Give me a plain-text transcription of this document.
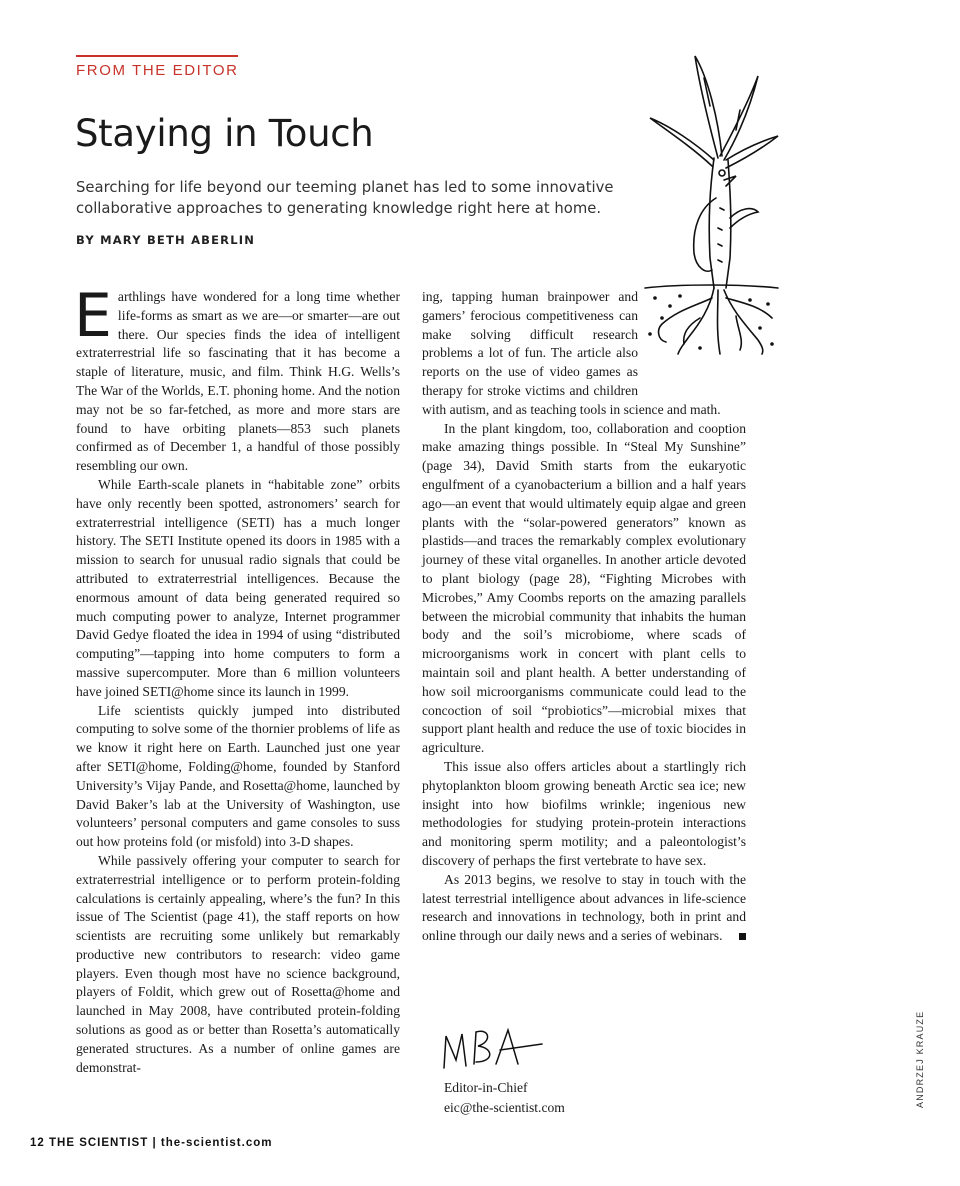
FROM THE EDITOR
Staying in Touch
Searching for life beyond our teeming planet has led to some innovative collaborative approaches to generating knowledge right here at home.
BY MARY BETH ABERLIN

Earthlings have wondered for a long time whether life-forms as smart as we are—or smarter—are out there. Our species finds the idea of intelligent extraterrestrial life so fascinating that it has become a staple of literature, music, and film. Think H.G. Wells’s The War of the Worlds, E.T. phoning home. And the notion may not be so far-fetched, as more and more stars are found to have orbiting planets—853 such planets confirmed as of December 1, a handful of those possibly resembling our own.

While Earth-scale planets in “habitable zone” orbits have only recently been spotted, astronomers’ search for extraterrestrial intelligence (SETI) has a much longer history. The SETI Institute opened its doors in 1985 with a mission to search for unusual radio signals that could be attributed to extraterrestrial intelligences. Because the enormous amount of data being generated required so much computing power to analyze, Internet programmer David Gedye floated the idea in 1994 of using “distributed computing”—tapping into home computers to form a massive supercomputer. More than 6 million volunteers have joined SETI@home since its launch in 1999.

Life scientists quickly jumped into distributed computing to solve some of the thornier problems of life as we know it right here on Earth. Launched just one year after SETI@home, Folding@home, founded by Stanford University’s Vijay Pande, and Rosetta@home, launched by David Baker’s lab at the University of Washington, use volunteers’ personal computers and game consoles to suss out how proteins fold (or misfold) into 3-D shapes.

While passively offering your computer to search for extraterrestrial intelligence or to perform protein-folding calculations is certainly appealing, where’s the fun? In this issue of The Scientist (page 41), the staff reports on how scientists are recruiting some unlikely but remarkably productive new contributors to research: video game players. Even though most have no science background, players of Foldit, which grew out of Rosetta@home and launched in May 2008, have contributed protein-folding solutions as good as or better than Rosetta’s automatically generated structures. As a number of online games are demonstrat-

ing, tapping human brainpower and gamers’ ferocious competitiveness can make solving difficult research problems a lot of fun. The article also reports on the use of video games as therapy for stroke victims and children with autism, and as teaching tools in science and math.

In the plant kingdom, too, collaboration and cooption make amazing things possible. In “Steal My Sunshine” (page 34), David Smith starts from the eukaryotic engulfment of a cyanobacterium a billion and a half years ago—an event that would ultimately equip algae and green plants with the “solar-powered generators” known as plastids—and traces the remarkably complex evolutionary journey of these vital organelles. In another article devoted to plant biology (page 28), “Fighting Microbes with Microbes,” Amy Coombs reports on the amazing parallels between the microbial community that inhabits the human body and the soil’s microbiome, where scads of microorganisms work in concert with plant cells to maintain soil and plant health. A better understanding of how soil microorganisms communicate could lead to the concoction of soil “probiotics”—microbial mixes that support plant health and reduce the use of toxic biocides in agriculture.

This issue also offers articles about a startlingly rich phytoplankton bloom growing beneath Arctic sea ice; new insight into how biofilms wrinkle; ingenious new methodologies for studying protein-protein interactions and monitoring sperm motility; and a paleontologist’s discovery of perhaps the first vertebrate to have sex.

As 2013 begins, we resolve to stay in touch with the latest terrestrial intelligence about advances in life-science research and innovations in technology, both in print and online through our daily news and a series of webinars.

Editor-in-Chief
eic@the-scientist.com	ANDRZEJ KRAUZE
12 THE SCIENTIST | the-scientist.com
